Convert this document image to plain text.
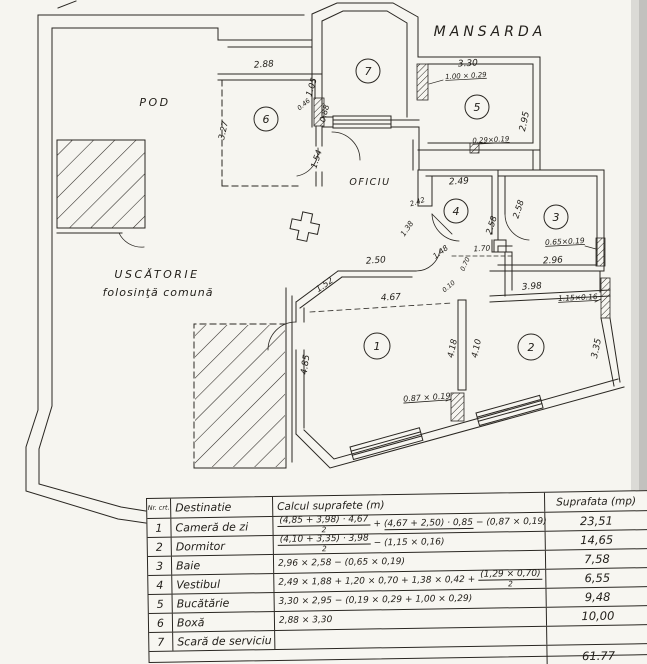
1	2
3
4
5
6
7
MANSARDA
POD
OFICIU
USCĂTORIE
folosinţă comună
2.88
1.05
3.27
0.46 0.88
1.54
3.30
1.00 × 0.29
2.95
0.29×0.19
2.49
2.42
1.38	2.58
2.58
1.70
0.70
1.48
0.10
0.65×0.19
2.96
3.98
1.15×0.16
3.35
2.50
1.52
4.67
4.85
4.18 4.10
0.87 × 0.19
Nr. crt. Destinatie	Calcul suprafete (m)	Suprafata (mp)
1	Cameră de zi	(4,85 + 3,98) · 4,67
2
+ (4,67 + 2,50) · 0,85 − (0,87 × 0,19)	23,51
2	Dormitor	(4,10 + 3,35) · 3,98
2
− (1,15 × 0,16)	14,65
3	Baie	2,96 × 2,58 − (0,65 × 0,19)	7,58
4	Vestibul	2,49 × 1,88 + 1,20 × 0,70 + 1,38 × 0,42 +
(1,29 × 0,70)
2	6,55
5	Bucătărie	3,30 × 2,95 − (0,19 × 0,29 + 1,00 × 0,29)	9,48
6	Boxă	2,88 × 3,30	10,00
7	Scară de serviciu
61.77
